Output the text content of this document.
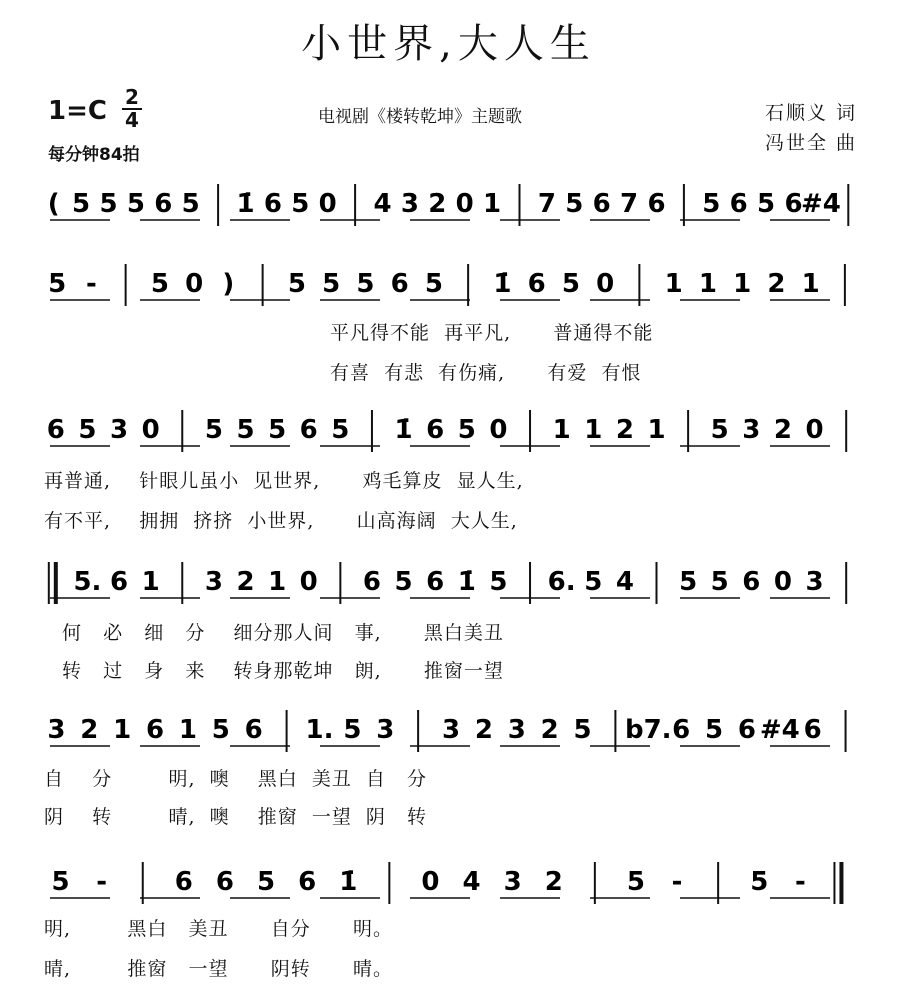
小世界,大人生
1=C 2
4
每分钟84拍
电视剧《楼转乾坤》主题歌	石顺义 词
冯世全 曲
( 5 5 5 6 5 1̇ 6 5 0 4 3 2 0 1 7 5 6 7 6 5 6 5 6
#4
5 - 5 0 ) 5 5 5 6 5 1̇ 6 5 0 1 1 1 2 1
6 5 3 0 5 5 5 6 5 1̇ 6 5 0 1 1 2 1 5 3 2 0
5. 6 1 3 2 1 0 6 5 6 1̇ 5 6. 5 4 5 5 6 0 3
3 2 1 6 1 5 6 1. 5 3 3 2 3 2 5 b7. 6 5 6 #4 6
5 -	6 6 5 6 1̇ 0 4 3 2 5 -	5 -
平凡得不能  再平凡,      普通得不能
有喜  有悲  有伤痛,      有爱  有恨
再普通,    针眼儿虽小  见世界,      鸡毛算皮  显人生,
有不平,    拥拥  挤挤  小世界,      山高海阔  大人生,
何   必   细   分    细分那人间   事,      黑白美丑
转   过   身   来    转身那乾坤   朗,      推窗一望
自    分        明,  噢    黑白  美丑  自   分
阴    转        晴,  噢    推窗  一望  阴   转
明,        黑白   美丑      自分      明。
晴,        推窗   一望      阴转      晴。
